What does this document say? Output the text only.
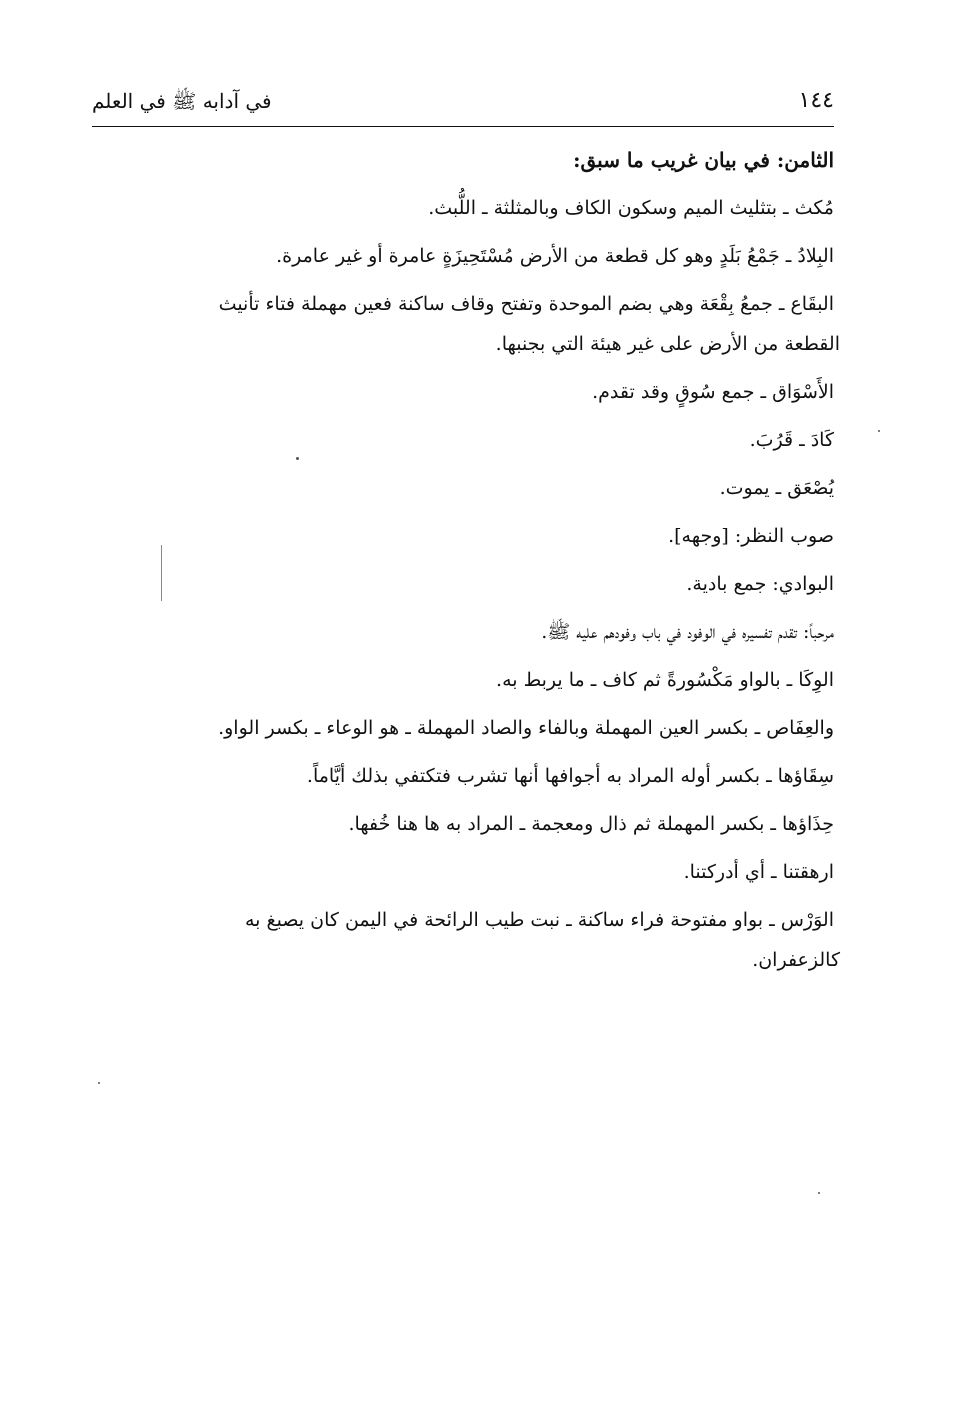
١٤٤
في آدابه ﷺ في العلم
الثامن: في بيان غريب ما سبق:
مُكث ـ بتثليث الميم وسكون الكاف وبالمثلثة ـ اللُّبث.
البِلادُ ـ جَمْعُ بَلَدٍ وهو كل قطعة من الأرض مُسْتَحِيزَةٍ عامرة أو غير عامرة.
البقَاع ـ جمعُ بِقْعَة وهي بضم الموحدة وتفتح وقاف ساكنة فعين مهملة فتاء تأنيث
القطعة من الأرض على غير هيئة التي بجنبها.
الأَسْوَاق ـ جمع سُوقٍ وقد تقدم.
كَادَ ـ قَرُبَ.
يُصْعَق ـ يموت.
صوب النظر: [وجهه].
البوادي: جمع بادية.
مرحباً: تقدم تفسيره في الوفود في باب وفودهم عليه ﷺ.
الوِكَا ـ بالواو مَكْسُورةً ثم كاف ـ ما يربط به.
والعِفَاص ـ بكسر العين المهملة وبالفاء والصاد المهملة ـ هو الوعاء ـ بكسر الواو.
سِقَاؤها ـ بكسر أوله المراد به أجوافها أنها تشرب فتكتفي بذلك أيَّاماً.
حِذَاؤها ـ بكسر المهملة ثم ذال ومعجمة ـ المراد به ها هنا خُفها.
ارهقتنا ـ أي أدركتنا.
الوَرْس ـ بواو مفتوحة فراء ساكنة ـ نبت طيب الرائحة في اليمن كان يصبغ به
كالزعفران.
